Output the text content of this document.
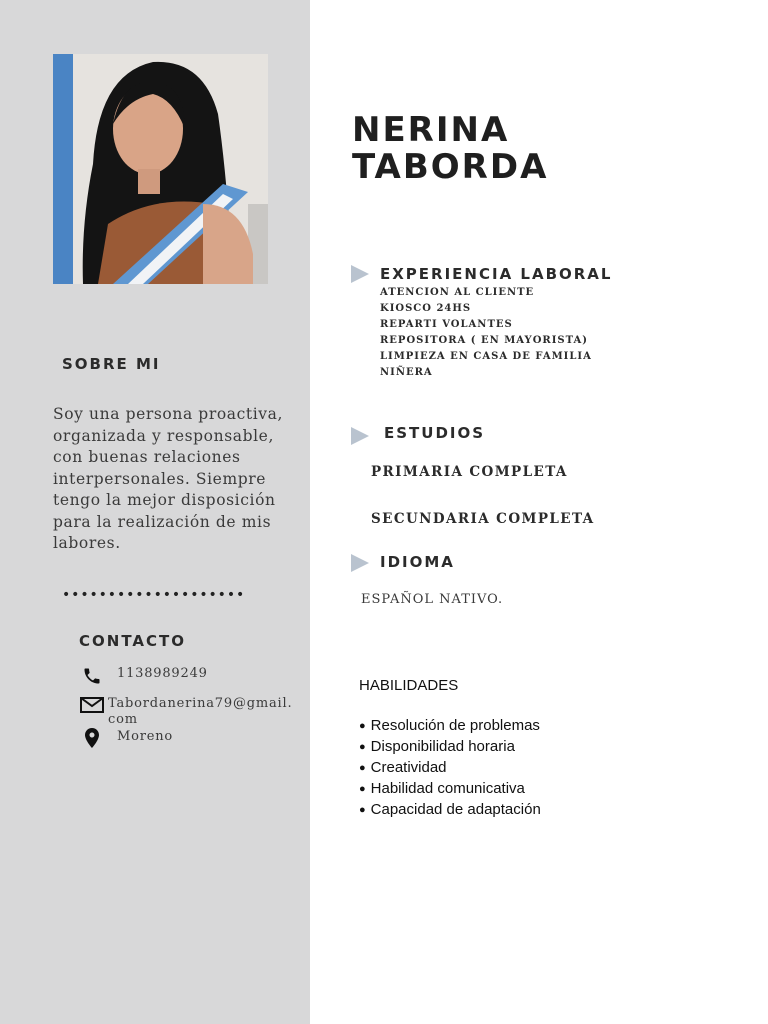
SOBRE MI

Soy una persona proactiva, organizada y responsable, con buenas relaciones interpersonales. Siempre tengo la mejor disposición para la realización de mis labores.

••••••••••••••••••••
CONTACTO
1138989249
Tabordanerina79@gmail.com
Moreno
NERINA
TABORDA
EXPERIENCIA LABORAL
ATENCION AL CLIENTE
KIOSCO 24HS
REPARTI VOLANTES
REPOSITORA ( EN MAYORISTA)
LIMPIEZA EN CASA DE FAMILIA
NIÑERA
ESTUDIOS
PRIMARIA COMPLETA
SECUNDARIA COMPLETA
IDIOMA
ESPAÑOL NATIVO.
HABILIDADES
● Resolución de problemas
● Disponibilidad horaria
● Creatividad
● Habilidad comunicativa
● Capacidad de adaptación
